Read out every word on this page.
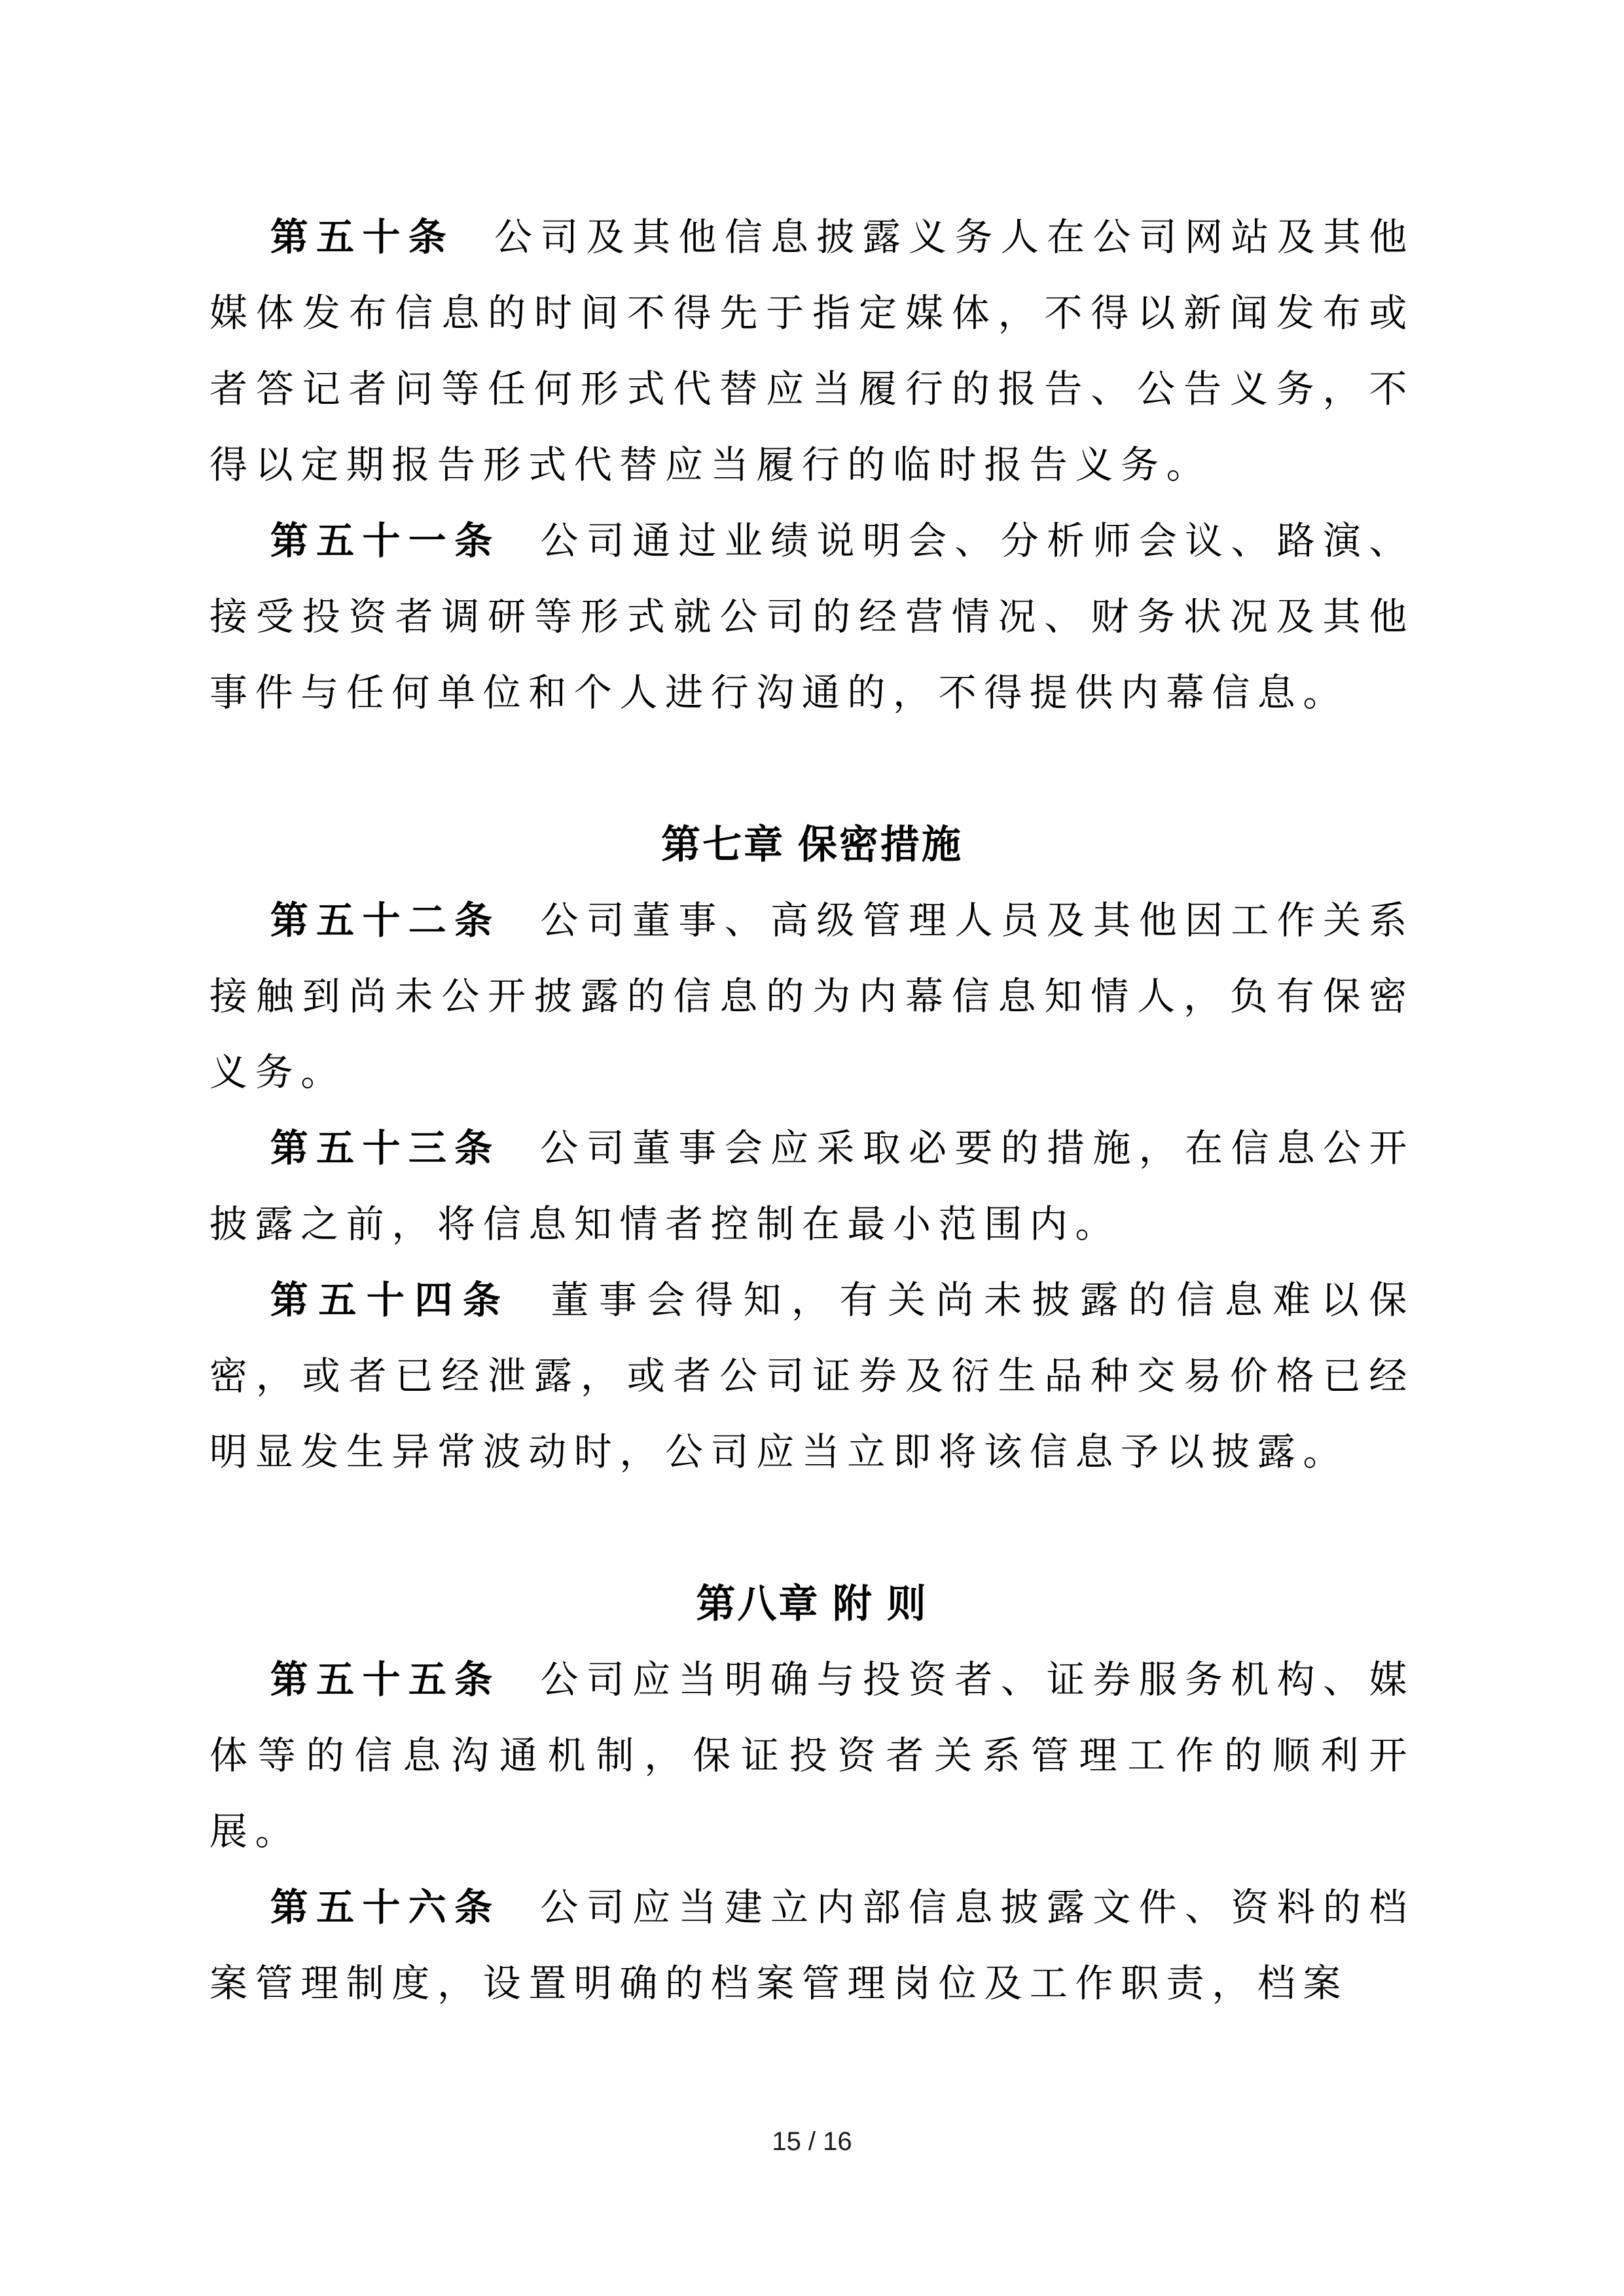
第五十条 公司及其他信息披露义务人在公司网站及其他媒体发布信息的时间不得先于指定媒体，不得以新闻发布或者答记者问等任何形式代替应当履行的报告、公告义务，不得以定期报告形式代替应当履行的临时报告义务。

第五十一条 公司通过业绩说明会、分析师会议、路演、接受投资者调研等形式就公司的经营情况、财务状况及其他事件与任何单位和个人进行沟通的，不得提供内幕信息。

第七章 保密措施

第五十二条 公司董事、高级管理人员及其他因工作关系接触到尚未公开披露的信息的为内幕信息知情人，负有保密义务。

第五十三条 公司董事会应采取必要的措施，在信息公开披露之前，将信息知情者控制在最小范围内。

第五十四条 董事会得知，有关尚未披露的信息难以保密，或者已经泄露，或者公司证券及衍生品种交易价格已经明显发生异常波动时，公司应当立即将该信息予以披露。

第八章 附 则

第五十五条 公司应当明确与投资者、证券服务机构、媒体等的信息沟通机制，保证投资者关系管理工作的顺利开展。

第五十六条 公司应当建立内部信息披露文件、资料的档案管理制度，设置明确的档案管理岗位及工作职责，档案

15 / 16
